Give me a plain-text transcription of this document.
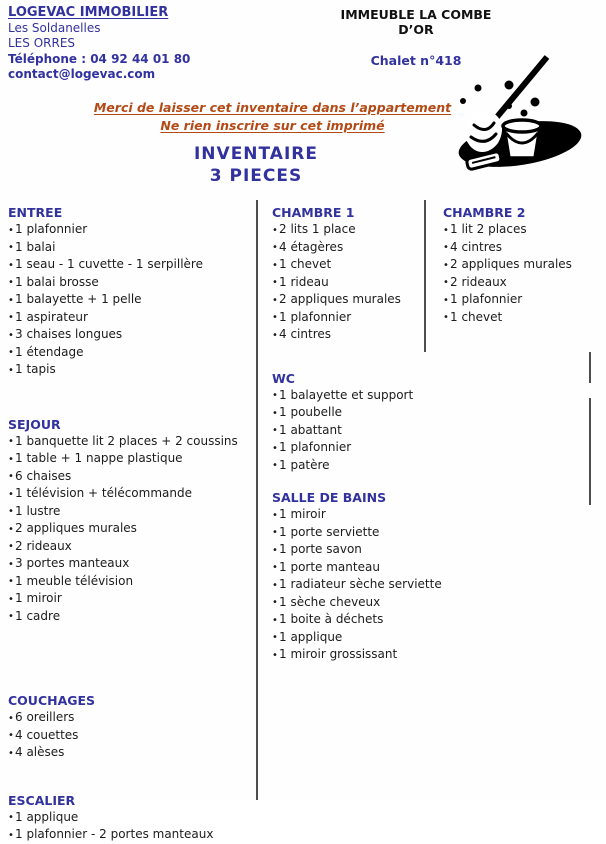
LOGEVAC IMMOBILIER
Les Soldanelles
LES ORRES
Téléphone : 04 92 44 01 80
contact@logevac.com
IMMEUBLE LA COMBE D’OR
Chalet n°418
Merci de laisser cet inventaire dans l’appartement
Ne rien inscrire sur cet imprimé
INVENTAIRE
3 PIECES
ENTREE
•1 plafonnier
•1 balai
•1 seau - 1 cuvette - 1 serpillère
•1 balai brosse
•1 balayette + 1 pelle
•1 aspirateur
•3 chaises longues
•1 étendage
•1 tapis
SEJOUR
•1 banquette lit 2 places + 2 coussins
•1 table + 1 nappe plastique
•6 chaises
•1 télévision + télécommande
•1 lustre
•2 appliques murales
•2 rideaux
•3 portes manteaux
•1 meuble télévision
•1 miroir
•1 cadre
COUCHAGES
•6 oreillers
•4 couettes
•4 alèses
ESCALIER
•1 applique
•1 plafonnier - 2 portes manteaux
CHAMBRE 1
•2 lits 1 place
•4 étagères
•1 chevet
•1 rideau
•2 appliques murales
•1 plafonnier
•4 cintres
WC
•1 balayette et support
•1 poubelle
•1 abattant
•1 plafonnier
•1 patère
SALLE DE BAINS
•1 miroir
•1 porte serviette
•1 porte savon
•1 porte manteau
•1 radiateur sèche serviette
•1 sèche cheveux
•1 boite à déchets
•1 applique
•1 miroir grossissant
CHAMBRE 2
•1 lit 2 places
•4 cintres
•2 appliques murales
•2 rideaux
•1 plafonnier
•1 chevet
